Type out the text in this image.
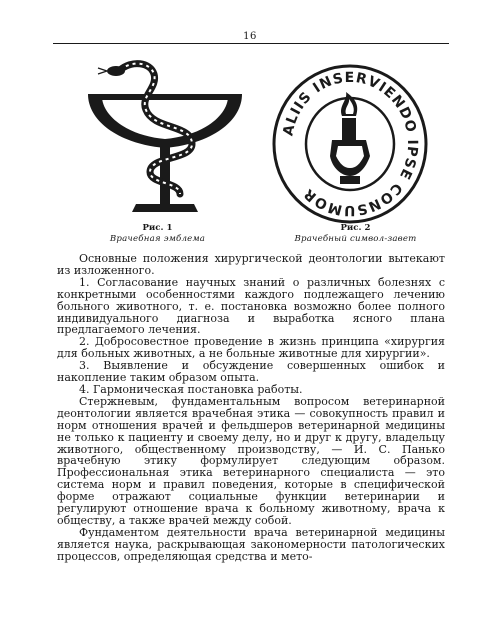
16
ALIIS INSERVIENDO IPSE CONSUMOR
Рис. 1
Врачебная эмблема
Рис. 2
Врачебный символ-завет

Основные положения хирургической деонтологии вытекают из изложенного.

1. Согласование научных знаний о различных болезнях с конкретными особенностями каждого подлежащего лечению больного животного, т. е. постановка возможно более полного индивидуального диагноза и выработка ясного плана предлагаемого лечения.

2. Добросовестное проведение в жизнь принципа «хирургия для больных животных, а не больные животные для хирургии».

3. Выявление и обсуждение совершенных ошибок и накопление таким образом опыта.

4. Гармоническая постановка работы.

Стержневым, фундаментальным вопросом ветеринарной деонтологии является врачебная этика — совокупность правил и норм отношения врачей и фельдшеров ветеринарной медицины не только к пациенту и своему делу, но и друг к другу, владельцу животного, общественному производству, — И. С. Панько врачебную этику формулирует следующим образом. Профессиональная этика ветеринарного специалиста — это система норм и правил поведения, которые в специфической форме отражают социальные функции ветеринарии и регулируют отношение врача к больному животному, врача к обществу, а также врачей между собой.

Фундаментом деятельности врача ветеринарной медицины является наука, раскрывающая закономерности патологических процессов, определяющая средства и мето-
